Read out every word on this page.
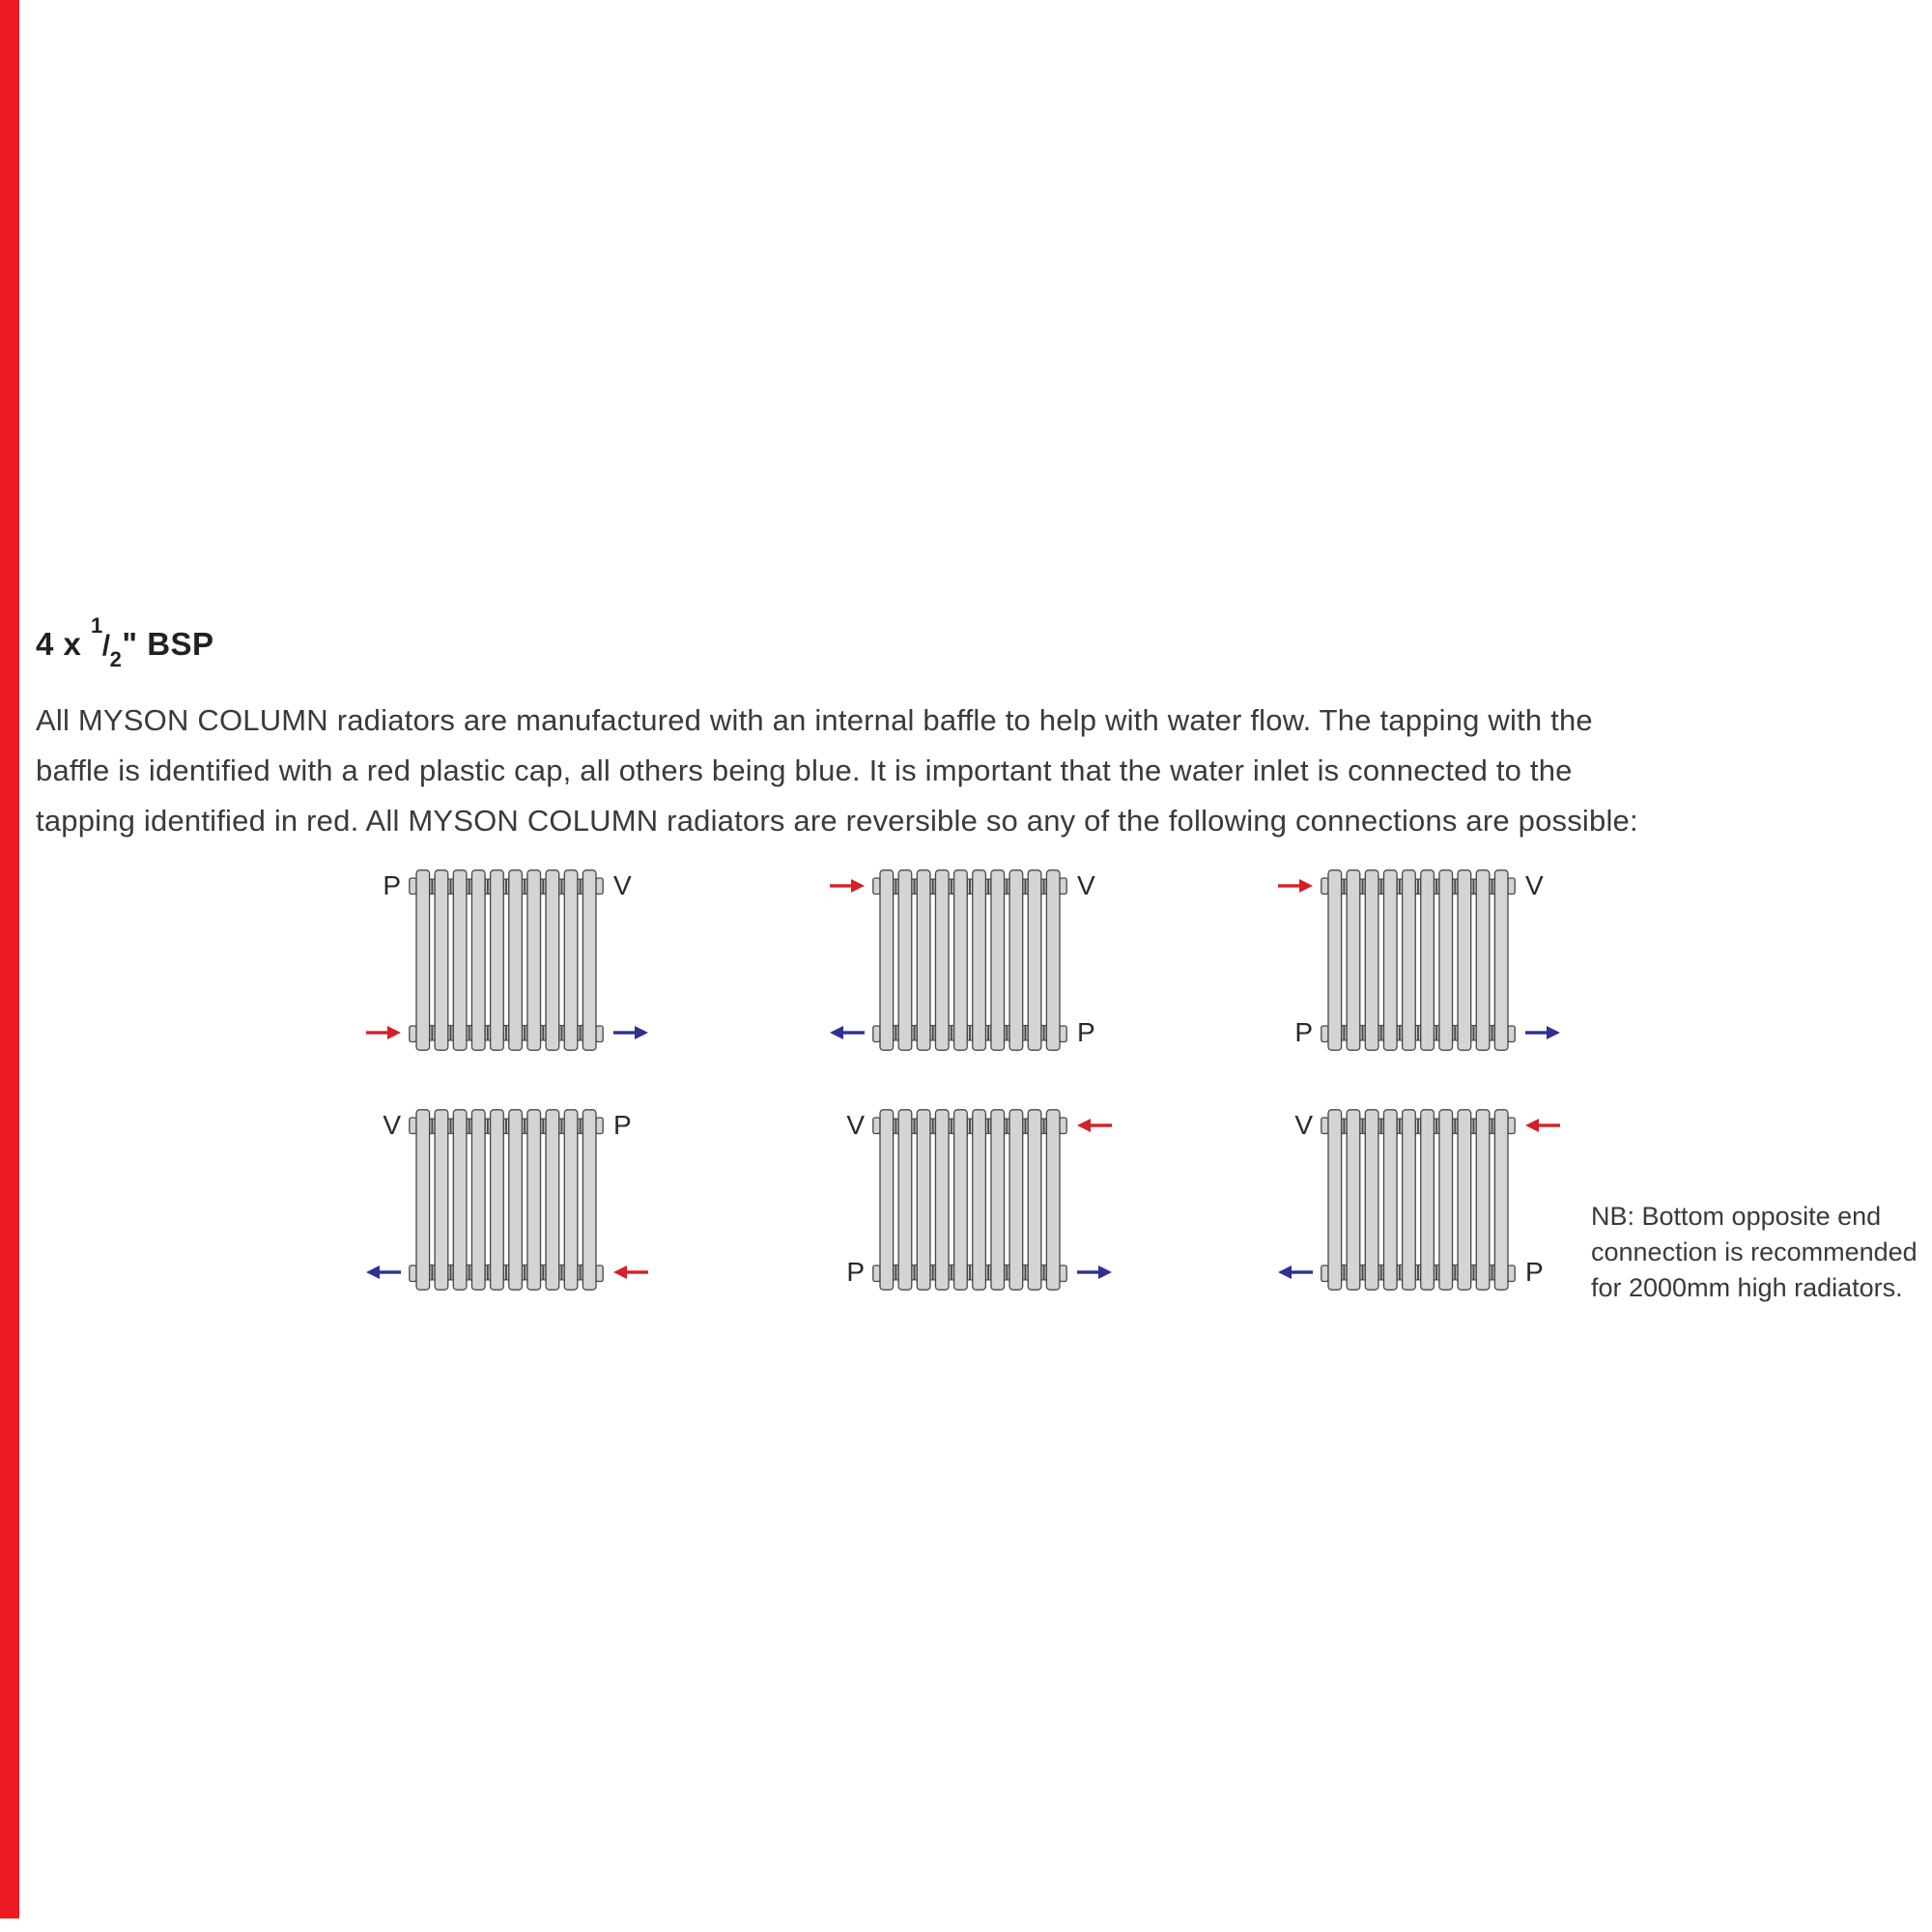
4 x $^1/_2$" BSP
All MYSON COLUMN radiators are manufactured with an internal baffle to help with water flow. The tapping with the
baffle is identified with a red plastic cap, all others being blue. It is important that the water inlet is connected to the
tapping identified in red. All MYSON COLUMN radiators are reversible so any of the following connections are possible:
P	V	V
P
V
P
V	P	V
P
V
P
NB: Bottom opposite end
connection is recommended
for 2000mm high radiators.
